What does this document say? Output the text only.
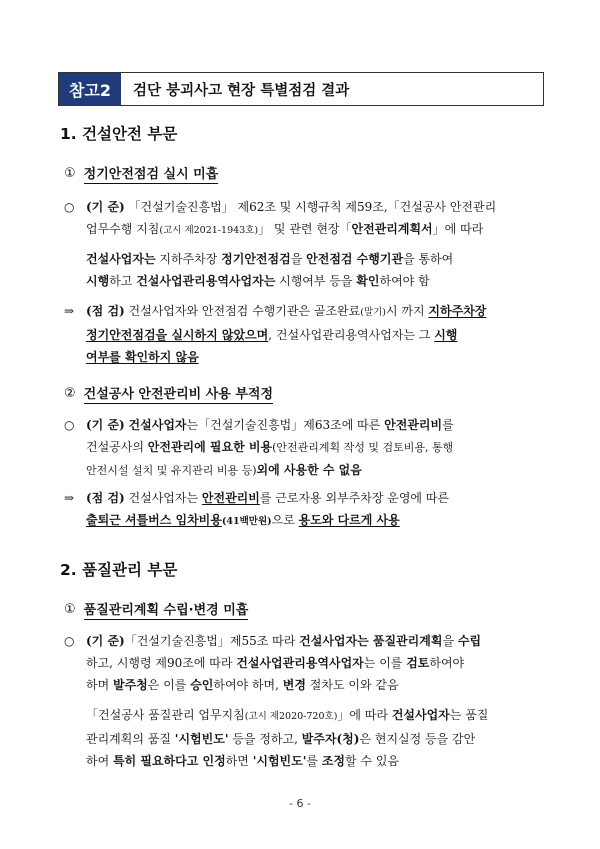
참고2	검단 붕괴사고 현장 특별점검 결과
1. 건설안전 부문
① 정기안전점검 실시 미흡
○ (기 준) 「건설기술진흥법」 제62조 및 시행규칙 제59조,「건설공사 안전관리
업무수행 지침(고시 제2021-1943호)」 및 관련 현장「안전관리계획서」에 따라
건설사업자는 지하주차장 정기안전점검을 안전점검 수행기관을 통하여
시행하고 건설사업관리용역사업자는 시행여부 등을 확인하여야 함
⇒ (점 검) 건설사업자와 안전점검 수행기관은 골조완료(말기)시 까지 지하주차장
정기안전점검을 실시하지 않았으며, 건설사업관리용역사업자는 그 시행
여부를 확인하지 않음
② 건설공사 안전관리비 사용 부적정
○ (기 준) 건설사업자는「건설기술진흥법」제63조에 따른 안전관리비를
건설공사의 안전관리에 필요한 비용(안전관리계획 작성 및 검토비용, 통행
안전시설 설치 및 유지관리 비용 등)외에 사용한 수 없음
⇒ (점 검) 건설사업자는 안전관리비를 근로자용 외부주차장 운영에 따른
출퇴근 셔틀버스 임차비용(41백만원)으로 용도와 다르게 사용
2. 품질관리 부문
① 품질관리계획 수립·변경 미흡
○ (기 준)「건설기술진흥법」제55조 따라 건설사업자는 품질관리계획을 수립
하고, 시행령 제90조에 따라 건설사업관리용역사업자는 이를 검토하여야
하며 발주청은 이를 승인하여야 하며, 변경 절차도 이와 같음
「건설공사 품질관리 업무지침(고시 제2020-720호)」에 따라 건설사업자는 품질
관리계획의 품질 '시험빈도' 등을 정하고, 발주자(청)은 현지실정 등을 감안
하여 특히 필요하다고 인정하면 '시험빈도'를 조정할 수 있음
- 6 -
